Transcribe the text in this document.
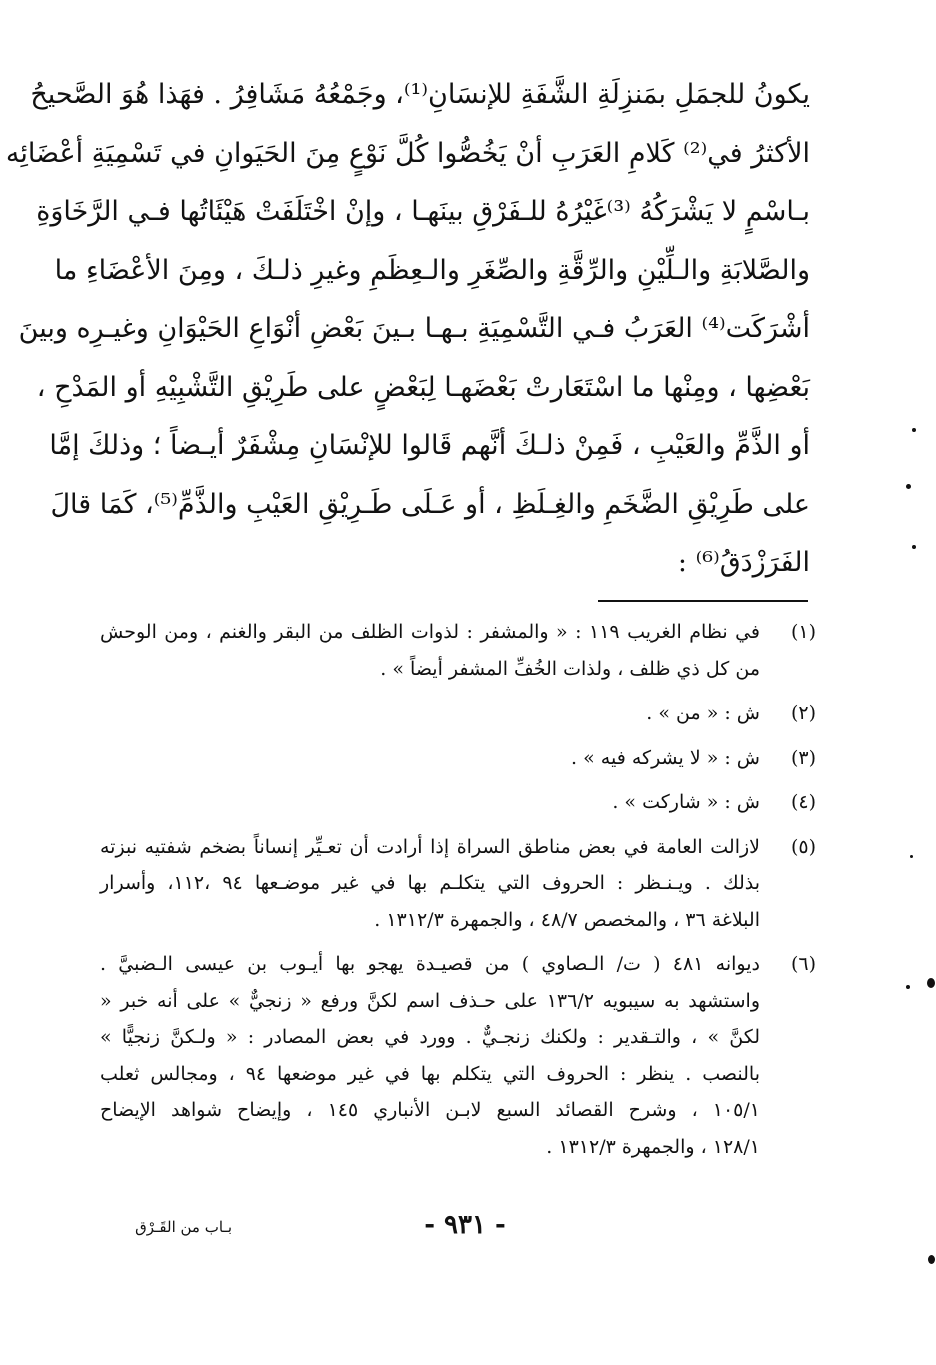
يكونُ للجمَلِ بمَنزِلَةِ الشَّفَةِ للإنسَانِ⁽¹⁾، وجَمْعُهُ مَشَافِرُ . فهَذا هُوَ الصَّحيحُ
الأكثرُ في⁽²⁾ كَلامِ العَرَبِ أنْ يَخُصُّوا كُلَّ نَوْعٍ مِنَ الحَيَوانِ في تَسْمِيَةِ أعْضَائِه
بـاسْمٍ لا يَشْرَكُهُ ⁽³⁾غَيْرُهُ للـفَرْقِ بينَهـا ، وإنْ اخْتَلَفَتْ هَيْئَاتُها فـي الرَّخَاوَةِ
والصَّلابَةِ والـلِّيْنِ والرِّقَّةِ والصِّغَرِ والـعِظَمِ وغيرِ ذلـكَ ، ومِنَ الأعْضَاءِ ما
أشْرَكَت⁽⁴⁾ العَرَبُ فـي التَّسْمِيَةِ بـهـا بـينَ بَعْضِ أنْوَاعِ الحَيْوَانِ وغيـرِه وبينَ
بَعْضِها ، ومِنْها ما اسْتَعَارتْ بَعْضَهـا لِبَعْضٍ على طَرِيْقِ التَّشْبِيْهِ أو المَدْحِ ،
أو الذَّمِّ والعَيْبِ ، فَمِنْ ذلـكَ أنَّهم قَالوا للإنْسَانِ مِشْفَرٌ أيـضاً ؛ وذلكَ إمَّا
على طَرِيْقِ الضَّخَمِ والغِـلَظِ ، أو عَـلَى طَـرِيْقِ العَيْبِ والذَّمِّ⁽⁵⁾، كَمَا قالَ
الفَرَزْدَقُ⁽⁶⁾ :
(١)
في نظام الغريب ١١٩ : « والمشفر : لذوات الظلف من البقر والغنم ، ومن الوحش
من كل ذي ظلف ، ولذات الخُفِّ المشفر أيضاً » .
(٢)
ش : « من » .
(٣)
ش : « لا يشركه فيه » .
(٤)
ش : « شاركت » .
(٥)
لازالت العامة في بعض مناطق السراة إذا أرادت أن تعـيِّر إنساناً بضخم شفتيه نبزته
بذلك . ويـنـظر : الحروف التي يتكلـم بها في غير موضـعها ٩٤ ،١١٢، وأسرار
البلاغة ٣٦ ، والمخصص ٤٨/٧ ، والجمهرة ١٣١٢/٣ .
(٦)
ديوانه ٤٨١ ( ت/ الـصاوي ) من قصيـدة يهجو بها أيـوب بن عيسى الـضبيَّ .
واستشهد به سيبويه ١٣٦/٢ على حـذف اسم لكنَّ ورفع « زنجيٌّ » على أنه خبر «
لكنَّ » ، والتـقدير : ولكنك زنجـيٌّ . وورد في بعض المصادر : « ولـكنَّ زنجيًّا »
بالنصب . ينظر : الحروف التي يتكلم بها في غير موضعها ٩٤ ، ومجالس ثعلب
١٠٥/١ ، وشرح القصائد السبع لابـن الأنباري ١٤٥ ، وإيضاح شواهد الإيضاح
١٢٨/١ ، والجمهرة ١٣١٢/٣ .
- ٩٣١ -
بـاب من القَـرْق
